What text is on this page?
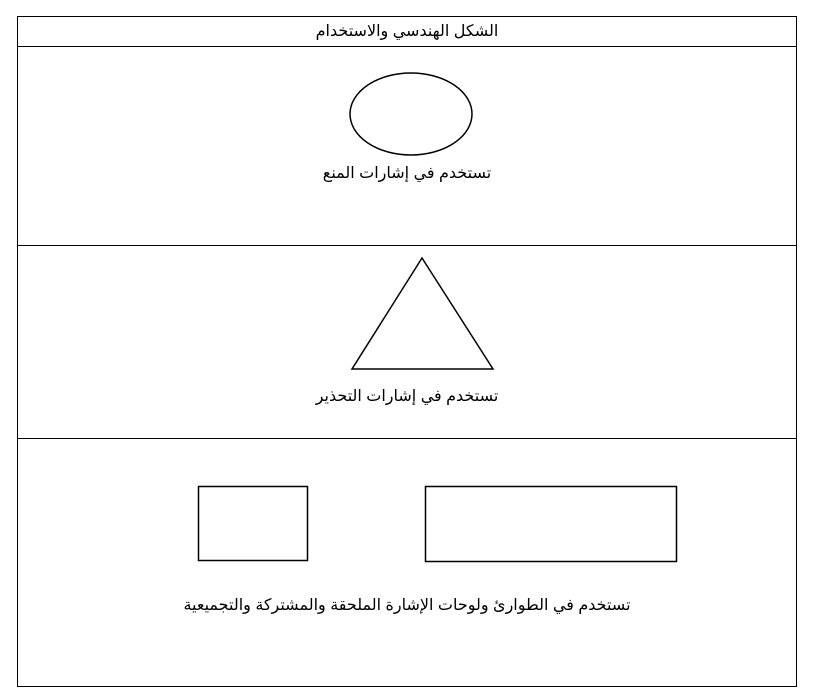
الشكل الهندسي والاستخدام
تستخدم في إشارات المنع
تستخدم في إشارات التحذير
تستخدم في الطوارئ ولوحات الإشارة الملحقة والمشتركة والتجميعية
